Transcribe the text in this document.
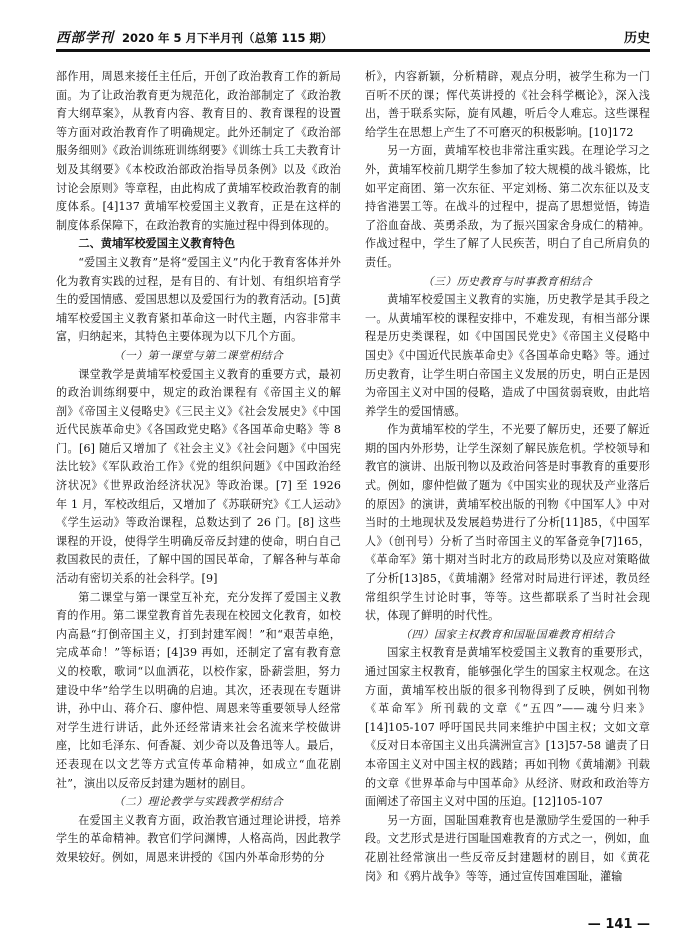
西部学刊 2020 年 5 月下半月刊（总第 115 期）	历史

部作用，周恩来接任主任后，开创了政治教育工作的新局面。为了让政治教育更为规范化，政治部制定了《政治教育大纲草案》，从教育内容、教育目的、教育课程的设置等方面对政治教育作了明确规定。此外还制定了《政治部服务细则》《政治训练班训练纲要》《训练士兵工夫教育计划及其纲要》《本校政治部政治指导员条例》以及《政治讨论会原则》等章程，由此构成了黄埔军校政治教育的制度体系。[4]137 黄埔军校爱国主义教育，正是在这样的制度体系保障下，在政治教育的实施过程中得到体现的。

二、黄埔军校爱国主义教育特色

“爱国主义教育”是将“爱国主义”内化于教育客体并外化为教育实践的过程，是有目的、有计划、有组织培育学生的爱国情感、爱国思想以及爱国行为的教育活动。[5]黄埔军校爱国主义教育紧扣革命这一时代主题，内容非常丰富，归纳起来，其特色主要体现为以下几个方面。

（一）第一课堂与第二课堂相结合

课堂教学是黄埔军校爱国主义教育的重要方式，最初的政治训练纲要中，规定的政治课程有《帝国主义的解剖》《帝国主义侵略史》《三民主义》《社会发展史》《中国近代民族革命史》《各国政党史略》《各国革命史略》等 8 门。[6] 随后又增加了《社会主义》《社会问题》《中国宪法比较》《军队政治工作》《党的组织问题》《中国政治经济状况》《世界政治经济状况》等政治课。[7] 至 1926 年 1 月，军校改组后，又增加了《苏联研究》《工人运动》《学生运动》等政治课程，总数达到了 26 门。[8] 这些课程的开设，使得学生明确反帝反封建的使命，明白自己救国救民的责任，了解中国的国民革命，了解各种与革命活动有密切关系的社会科学。[9]

第二课堂与第一课堂互补充，充分发挥了爱国主义教育的作用。第二课堂教育首先表现在校园文化教育，如校内高悬“打倒帝国主义，打到封建军阀！”和“艰苦卓绝，完成革命！”等标语；[4]39 再如，还制定了富有教育意义的校歌，歌词“以血洒花，以校作家，卧薪尝胆，努力建设中华”给学生以明确的启迪。其次，还表现在专题讲讲，孙中山、蒋介石、廖仲恺、周恩来等重要领导人经常对学生进行讲话，此外还经常请来社会名流来学校做讲座，比如毛泽东、何香凝、刘少奇以及鲁迅等人。最后，还表现在以文艺等方式宣传革命精神，如成立“血花剧社”，演出以反帝反封建为题材的剧目。

（二）理论教学与实践教学相结合

在爱国主义教育方面，政治教官通过理论讲授，培养学生的革命精神。教官们学问渊博，人格高尚，因此教学效果较好。例如，周恩来讲授的《国内外革命形势的分

析》，内容新颖，分析精辟，观点分明，被学生称为一门百听不厌的课；恽代英讲授的《社会科学概论》，深入浅出，善于联系实际，旋有风趣，听后令人难忘。这些课程给学生在思想上产生了不可磨灭的积极影响。[10]172

另一方面，黄埔军校也非常注重实践。在理论学习之外，黄埔军校前几期学生参加了较大规模的战斗锻炼，比如平定商团、第一次东征、平定刘杨、第二次东征以及支持省港罢工等。在战斗的过程中，提高了思想觉悟，铸造了浴血奋战、英勇杀敌，为了振兴国家舍身成仁的精神。作战过程中，学生了解了人民疾苦，明白了自己所肩负的责任。

（三）历史教育与时事教育相结合

黄埔军校爱国主义教育的实施，历史教学是其手段之一。从黄埔军校的课程安排中，不难发现，有相当部分课程是历史类课程，如《中国国民党史》《帝国主义侵略中国史》《中国近代民族革命史》《各国革命史略》等。通过历史教育，让学生明白帝国主义发展的历史，明白正是因为帝国主义对中国的侵略，造成了中国贫弱衰败，由此培养学生的爱国情感。

作为黄埔军校的学生，不光要了解历史，还要了解近期的国内外形势，让学生深刻了解民族危机。学校领导和教官的演讲、出版刊物以及政治问答是时事教育的重要形式。例如，廖仲恺做了题为《中国实业的现状及产业落后的原因》的演讲，黄埔军校出版的刊物《中国军人》中对当时的土地现状及发展趋势进行了分析[11]85，《中国军人》（创刊号）分析了当时帝国主义的军备竞争[7]165，《革命军》第十期对当时北方的政局形势以及应对策略做了分析[13]85，《黄埔潮》经常对时局进行评述，教员经常组织学生讨论时事，等等。这些都联系了当时社会现状，体现了鲜明的时代性。

（四）国家主权教育和国耻国难教育相结合

国家主权教育是黄埔军校爱国主义教育的重要形式，通过国家主权教育，能够强化学生的国家主权观念。在这方面，黄埔军校出版的很多刊物得到了反映，例如刊物《革命军》所刊载的文章《“五四”——魂兮归来》[14]105-107 呼吁国民共同来维护中国主权；文如文章《反对日本帝国主义出兵满洲宣言》[13]57-58 谴责了日本帝国主义对中国主权的践踏；再如刊物《黄埔潮》刊载的文章《世界革命与中国革命》从经济、财政和政治等方面阐述了帝国主义对中国的压迫。[12]105-107

另一方面，国耻国难教育也是激励学生爱国的一种手段。文艺形式是进行国耻国难教育的方式之一，例如，血花剧社经常演出一些反帝反封建题材的剧目，如《黄花岗》和《鸦片战争》等等，通过宣传国难国耻，灌输

— 141 —
